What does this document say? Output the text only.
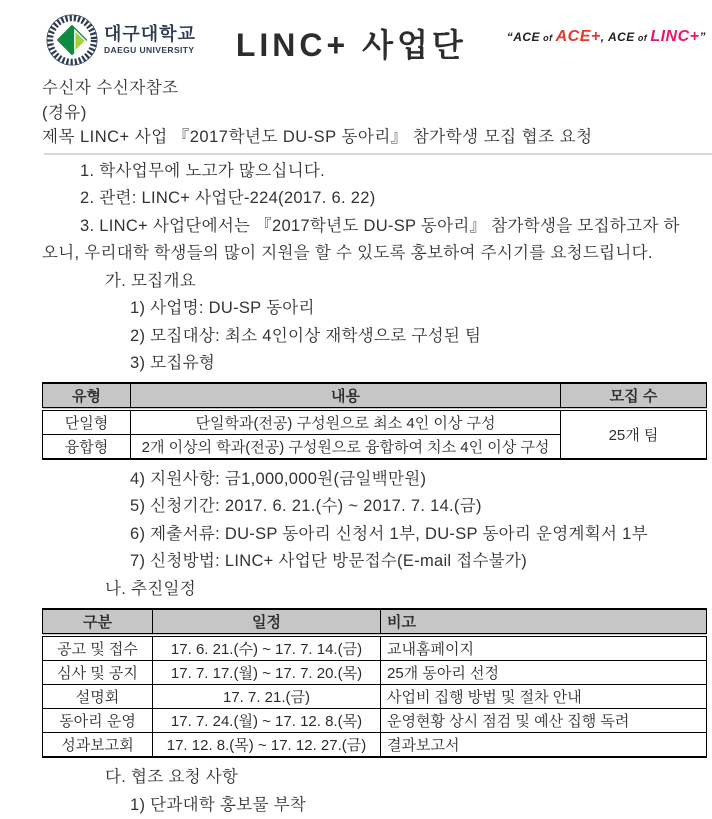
대구대학교
DAEGU UNIVERSITY	LINC+ 사업단	“ACE of ACE+, ACE of LINC+”
수신자 수신자참조
(경유)
제목 LINC+ 사업 『2017학년도 DU-SP 동아리』 참가학생 모집 협조 요청
1. 학사업무에 노고가 많으십니다.
2. 관련: LINC+ 사업단-224(2017. 6. 22)
3. LINC+ 사업단에서는 『2017학년도 DU-SP 동아리』 참가학생을 모집하고자 하
오니, 우리대학 학생들의 많이 지원을 할 수 있도록 홍보하여 주시기를 요청드립니다.
가. 모집개요
1) 사업명: DU-SP 동아리
2) 모집대상: 최소 4인이상 재학생으로 구성된 팀
3) 모집유형
유형	내용	모집 수
단일형	단일학과(전공) 구성원으로 최소 4인 이상 구성	25개 팀
융합형	2개 이상의 학과(전공) 구성원으로 융합하여 치소 4인 이상 구성	
4) 지원사항: 금1,000,000원(금일백만원)
5) 신청기간: 2017. 6. 21.(수) ~ 2017. 7. 14.(금)
6) 제출서류: DU-SP 동아리 신청서 1부, DU-SP 동아리 운영계획서 1부
7) 신청방법: LINC+ 사업단 방문접수(E-mail 접수불가)
나. 추진일정
구분	일정	비고
공고 및 접수	17. 6. 21.(수) ~ 17. 7. 14.(금)	교내홈페이지
심사 및 공지	17. 7. 17.(월) ~ 17. 7. 20.(목)	25개 동아리 선정
설명회	17. 7. 21.(금)	사업비 집행 방법 및 절차 안내
동아리 운영	17. 7. 24.(월) ~ 17. 12. 8.(목)	운영현황 상시 점검 및 예산 집행 독려
성과보고회	17. 12. 8.(목) ~ 17. 12. 27.(금)	결과보고서
다. 협조 요청 사항
1) 단과대학 홍보물 부착
